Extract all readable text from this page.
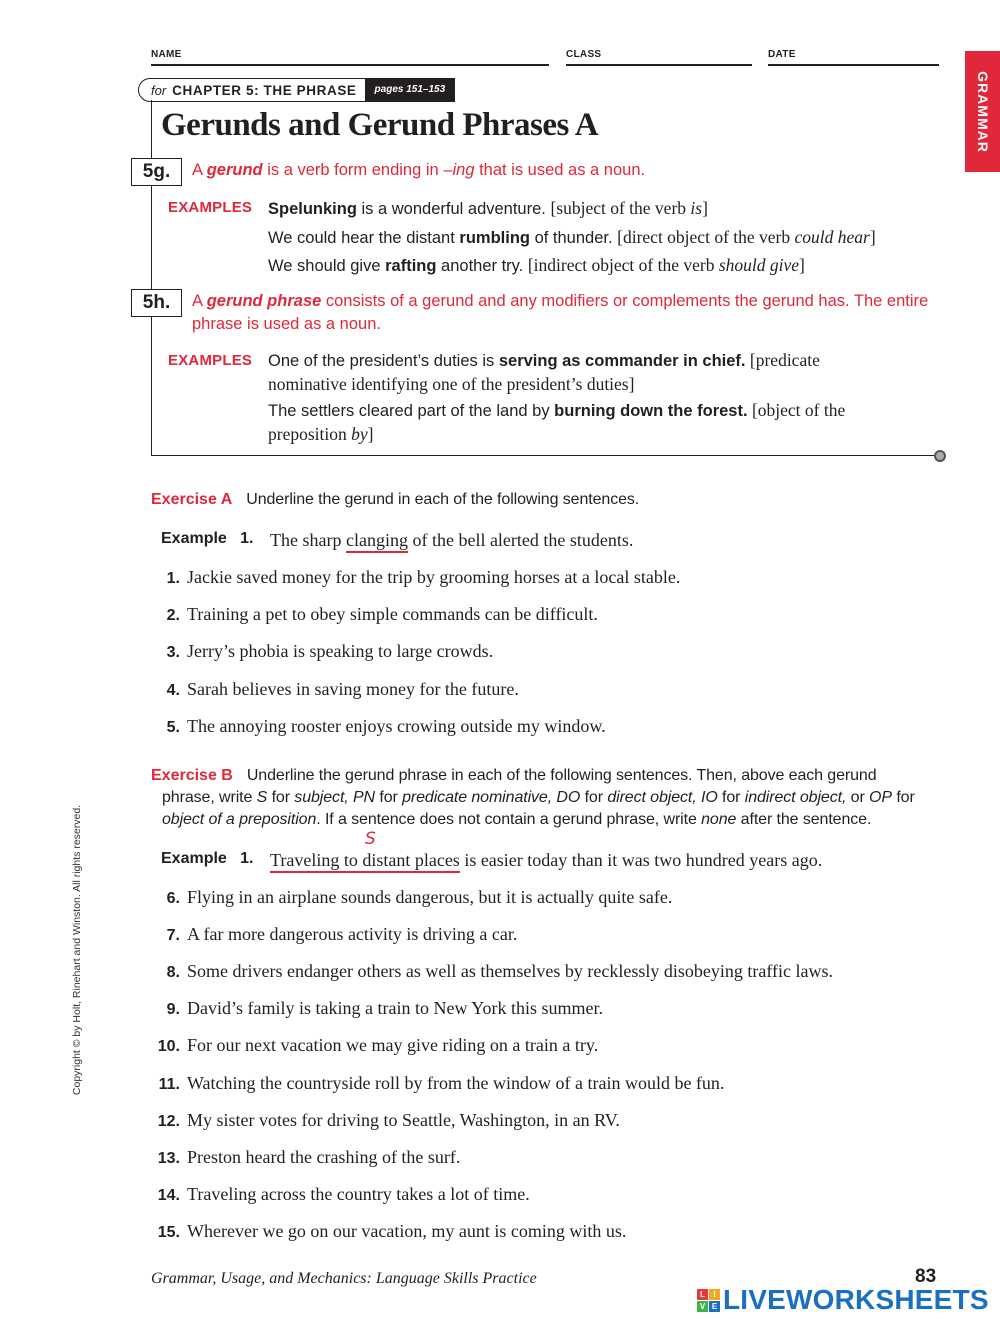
NAME	CLASS	DATE
GRAMMAR
for CHAPTER 5: THE PHRASE	pages 151–153
Gerunds and Gerund Phrases A
5g.	A gerund is a verb form ending in –ing that is used as a noun.
EXAMPLES Spelunking is a wonderful adventure. [subject of the verb is]
We could hear the distant rumbling of thunder. [direct object of the verb could hear]
We should give rafting another try. [indirect object of the verb should give]
5h.	A gerund phrase consists of a gerund and any modifiers or complements the gerund has. The entire
phrase is used as a noun.
EXAMPLES One of the president’s duties is serving as commander in chief. [predicate
nominative identifying one of the president’s duties]
The settlers cleared part of the land by burning down the forest. [object of the
preposition by]
Exercise A Underline the gerund in each of the following sentences.
Example 1. The sharp clanging of the bell alerted the students.
1. Jackie saved money for the trip by grooming horses at a local stable.
2. Training a pet to obey simple commands can be difficult.
3. Jerry’s phobia is speaking to large crowds.
4. Sarah believes in saving money for the future.
5. The annoying rooster enjoys crowing outside my window.
Exercise B Underline the gerund phrase in each of the following sentences. Then, above each gerund
phrase, write S for subject, PN for predicate nominative, DO for direct object, IO for indirect object, or OP for
object of a preposition. If a sentence does not contain a gerund phrase, write none after the sentence.
Example 1.
S
Traveling to distant places is easier today than it was two hundred years ago.
6. Flying in an airplane sounds dangerous, but it is actually quite safe.
7. A far more dangerous activity is driving a car.
8. Some drivers endanger others as well as themselves by recklessly disobeying traffic laws.
9. David’s family is taking a train to New York this summer.
10. For our next vacation we may give riding on a train a try.
11. Watching the countryside roll by from the window of a train would be fun.
12. My sister votes for driving to Seattle, Washington, in an RV.
13. Preston heard the crashing of the surf.
14. Traveling across the country takes a lot of time.
15. Wherever we go on our vacation, my aunt is coming with us.
Copyright © by Holt, Rinehart and Winston. All rights reserved.
Grammar, Usage, and Mechanics: Language Skills Practice	83
L	I
V E LIVEWORKSHEETS
